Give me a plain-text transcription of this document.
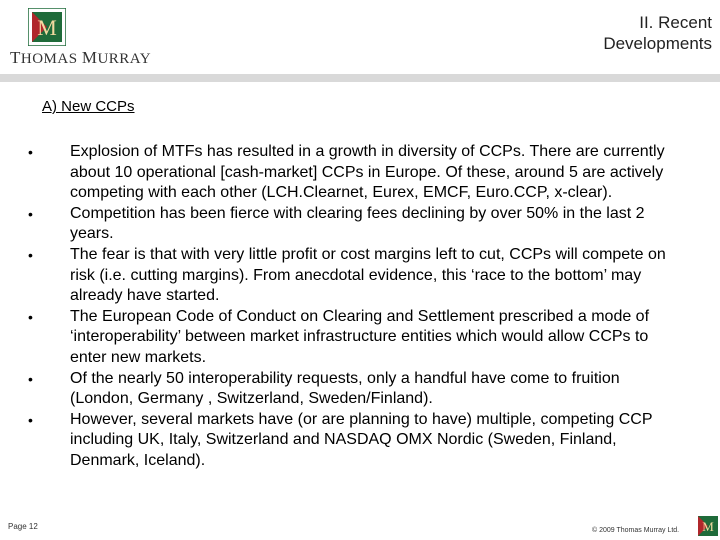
M
THOMAS MURRAY
II. Recent
Developments
A) New CCPs
• Explosion of MTFs has resulted in a growth in diversity of CCPs. There are currently about 10 operational [cash-market] CCPs in Europe. Of these, around 5 are actively competing with each other (LCH.Clearnet, Eurex, EMCF, Euro.CCP, x-clear).
• Competition has been fierce with clearing fees declining by over 50% in the last 2 years.
• The fear is that with very little profit or cost margins left to cut, CCPs will compete on risk (i.e. cutting margins). From anecdotal evidence, this ‘race to the bottom’ may already have started.
• The European Code of Conduct on Clearing and Settlement prescribed a mode of ‘interoperability’ between market infrastructure entities which would allow CCPs to enter new markets.
• Of the nearly 50 interoperability requests, only a handful have come to fruition (London, Germany , Switzerland, Sweden/Finland).
• However, several markets have (or are planning to have) multiple, competing CCP including UK, Italy, Switzerland and NASDAQ OMX Nordic (Sweden, Finland, Denmark, Iceland).
Page 12	© 2009 Thomas Murray Ltd. M
